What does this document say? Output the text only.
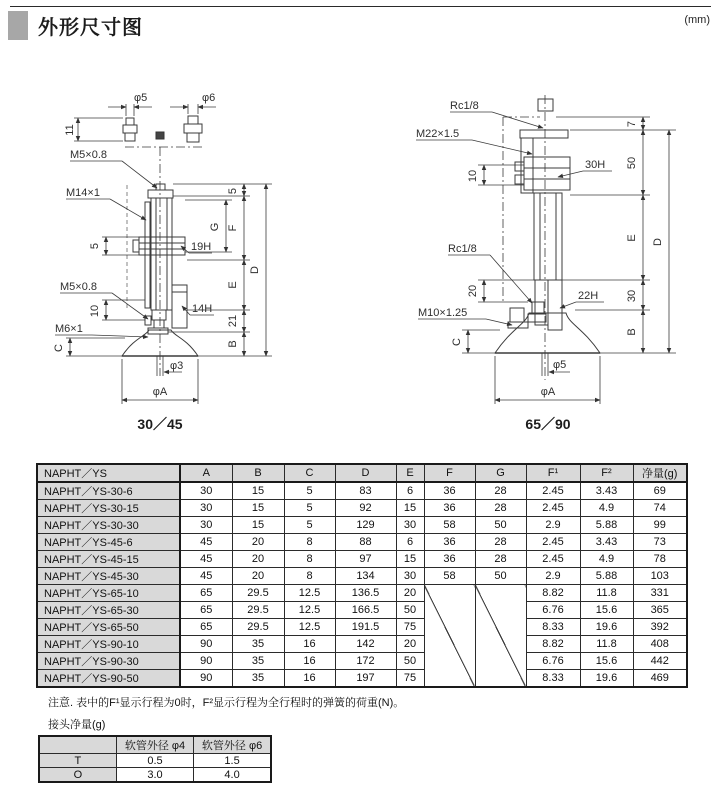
外形尺寸图	(mm)
φ5	φ6
11
M5×0.8
M14×1
19H
M5×0.8
14H
M6×1
5
10
C
φ3
φA
5
G F
E
21
B
D
30／45
Rc1/8
M22×1.5
30H
Rc1/8
22H
M10×1.25
10
20
C
7
50
E
30
B
D
φ5
φA
65／90
NAPHT／YS	A	B	C	D	E	F	G	F¹	F²	净量(g)
NAPHT／YS-30-6	30	15	5	83	6	36	28	2.45	3.43	69
NAPHT／YS-30-15	30	15	5	92	15	36	28	2.45	4.9	74
NAPHT／YS-30-30	30	15	5	129	30	58	50	2.9	5.88	99
NAPHT／YS-45-6	45	20	8	88	6	36	28	2.45	3.43	73
NAPHT／YS-45-15	45	20	8	97	15	36	28	2.45	4.9	78
NAPHT／YS-45-30	45	20	8	134	30	58	50	2.9	5.88	103
NAPHT／YS-65-10	65	29.5	12.5	136.5	20			8.82	11.8	331
NAPHT／YS-65-30	65	29.5	12.5	166.5	50			6.76	15.6	365
NAPHT／YS-65-50	65	29.5	12.5	191.5	75			8.33	19.6	392
NAPHT／YS-90-10	90	35	16	142	20			8.82	11.8	408
NAPHT／YS-90-30	90	35	16	172	50			6.76	15.6	442
NAPHT／YS-90-50	90	35	16	197	75			8.33	19.6	469
注意. 表中的F¹显示行程为0时，F²显示行程为全行程时的弹簧的荷重(N)。
接头净量(g)
	软管外径 φ4	软管外径 φ6
T	0.5	1.5
O	3.0	4.0
